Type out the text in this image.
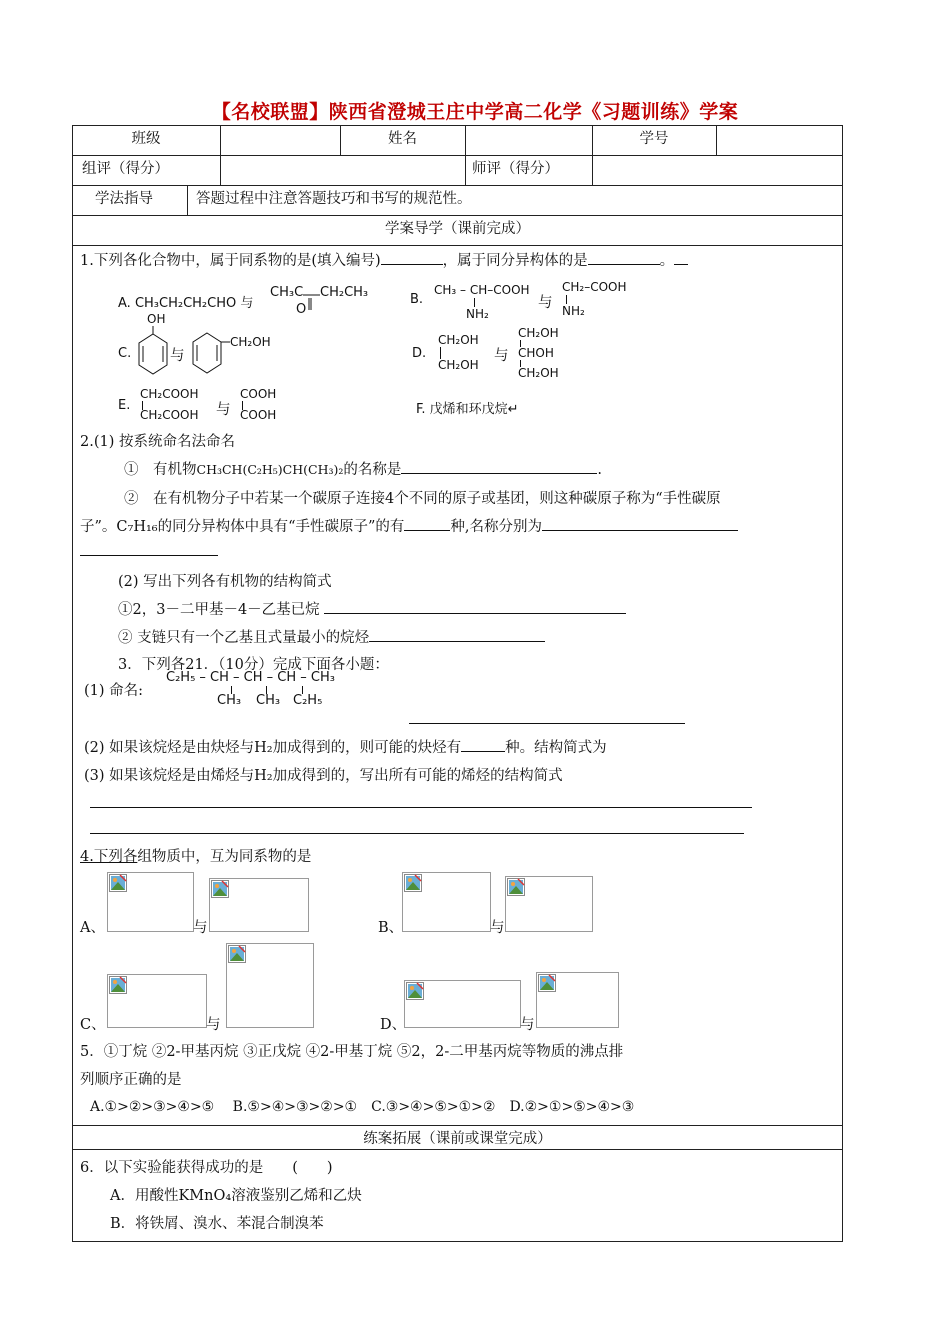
【名校联盟】陕西省澄城王庄中学高二化学《习题训练》学案
班级	姓名	学号
组评（得分）	师评（得分）
学法指导	答题过程中注意答题技巧和书写的规范性。
学案导学（课前完成）
1.下列各化合物中，属于同系物的是(填入编号)	，属于同分异构体的是	。
A. CH₃CH₂CH₂CHO 与
CH₃C CH₂CH₃
O
B.
CH₃ – CH–COOH
NH₂
与
CH₂–COOH
NH₂
C.
OH
与
CH₂OH
D.
CH₂OH
CH₂OH
与
CH₂OH
CHOH
CH₂OH
E.
CH₂COOH
CH₂COOH 与
COOH
COOH	F. 戊烯和环戊烷↵
2.(1) 按系统命名法命名
①　有机物CH₃CH(C₂H₅)CH(CH₃)₂的名称是	.
②　在有机物分子中若某一个碳原子连接4个不同的原子或基团，则这种碳原子称为“手性碳原
子”。C₇H₁₆的同分异构体中具有“手性碳原子”的有	种,名称分别为
(2) 写出下列各有机物的结构简式
①2，3－二甲基－4－乙基已烷
② 支链只有一个乙基且式量最小的烷烃
3．下列各21．（10分）完成下面各小题：
(1) 命名:
C₂H₅ – CH – CH – CH – CH₃
CH₃ CH₃ C₂H₅
(2) 如果该烷烃是由炔烃与H₂加成得到的，则可能的炔烃有	种。结构简式为
(3) 如果该烷烃是由烯烃与H₂加成得到的，写出所有可能的烯烃的结构简式
4.下列各组物质中，互为同系物的是
A、	与	B、	与
C、	与	D、	与
5．①丁烷 ②2-甲基丙烷 ③正戊烷 ④2-甲基丁烷 ⑤2，2-二甲基丙烷等物质的沸点排
列顺序正确的是
A.①>②>③>④>⑤　 B.⑤>④>③>②>①　C.③>④>⑤>①>②　D.②>①>⑤>④>③
练案拓展（课前或课堂完成）
6．以下实验能获得成功的是　　(　　)
A．用酸性KMnO₄溶液鉴别乙烯和乙炔
B．将铁屑、溴水、苯混合制溴苯
